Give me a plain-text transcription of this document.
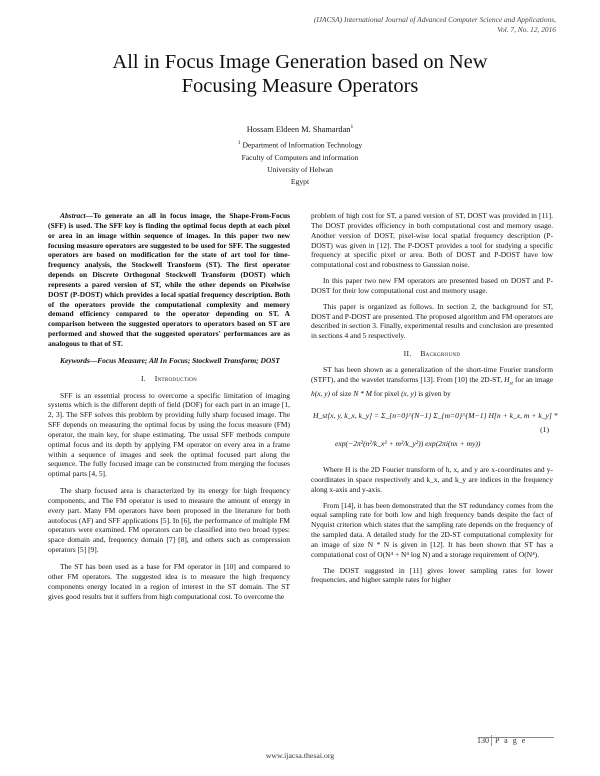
(IJACSA) International Journal of Advanced Computer Science and Applications,
Vol. 7, No. 12, 2016
All in Focus Image Generation based on New
Focusing Measure Operators
Hossam Eldeen M. Shamardan$^1$
$^1$ Department of Information Technology
Faculty of Computers and information
University of Helwan
Egypt

Abstract—To generate an all in focus image, the Shape-From-Focus (SFF) is used. The SFF key is finding the optimal focus depth at each pixel or area in an image within sequence of images. In this paper two new focusing measure operators are suggested to be used for SFF. The suggested operators are based on modification for the state of art tool for time-frequency analysis, the Stockwell Transform (ST). The first operator depends on Discrete Orthogonal Stockwell Transform (DOST) which represents a pared version of ST, while the other depends on Pixelwise DOST (P-DOST) which provides a local spatial frequency description. Both of the operators provide the computational complexity and memory demand efficiency compared to the operator depending on ST. A comparison between the suggested operators to operators based on ST are performed and showed that the suggested operators' performances are as analogous to that of ST.

Keywords—Focus Measure; All In Focus; Stockwell Transform; DOST

I. Introduction

SFF is an essential process to overcome a specific limitation of imaging systems which is the different depth of field (DOF) for each part in an image [1, 2, 3]. The SFF solves this problem by providing fully sharp focused image. The SFF depends on measuring the optimal focus by using the focus measure (FM) operator, the main key, for shape estimating. The usual SFF methods compute optimal focus and its depth by applying FM operator on every area in a frame within a sequence of images and seek the optimal focused part along the sequence. The fully focused image can be constructed from merging the focuses optimal parts [4, 5].

The sharp focused area is characterized by its energy for high frequency components, and The FM operator is used to measure the amount of energy in every part. Many FM operators have been proposed in the literature for both autofocus (AF) and SFF applications [5]. In [6], the performance of multiple FM operators were examined. FM operators can be classified into two broad types: space domain and, frequency domain [7] [8], and others such as compression operators [5] [9].

The ST has been used as a base for FM operator in [10] and compared to other FM operators. The suggested idea is to measure the high frequency components energy located in a region of interest in the ST domain. The ST gives good results but it suffers from high computational cost. To overcome the

problem of high cost for ST, a pared version of ST, DOST was provided in [11]. The DOST provides efficiency in both computational cost and memory usage. Another version of DOST, pixel-wise local spatial frequency description (P-DOST) was given in [12]. The P-DOST provides a tool for studying a specific frequency at specific pixel or area. Both of DOST and P-DOST have low computational cost and robustness to Gaussian noise.

In this paper two new FM operators are presented based on DOST and P-DOST for their low computational cost and memory usage.

This paper is organized as follows. In section 2, the background for ST, DOST and P-DOST are presented. The proposed algorithm and FM operators are described in section 3. Finally, experimental results and conclusion are presented in sections 4 and 5 respectively.

II. Background

ST has been shown as a generalization of the short-time Fourier transform (STFT), and the wavelet transforms [13]. From [10] the 2D-ST, $H_{st}$ for an image h(x, y) of size N * M for pixel (x, y) is given by

H_st[x, y, k_x, k_y] = Σ_{n=0}^{N−1} Σ_{m=0}^{M−1} H[n + k_x, m + k_y] *
exp(−2π²(n²/k_x² + m²/k_y²)) exp(2πi(nx + my))
(1)

Where H is the 2D Fourier transform of h, x, and y are x-coordinates and y-coordinates in space respectively and k_x, and k_y are indices in the frequency along x-axis and y-axis.

From [14], it has been demonstrated that the ST redundancy comes from the equal sampling rate for both low and high frequency bands despite the fact of Nyquist criterion which states that the sampling rate depends on the frequency of the sampled data. A detailed study for the 2D-ST computational complexity for an image of size N * N is given in [12]. It has been shown that ST has a computational cost of O(N⁴ + N⁴ log N) and a storage requirement of O(N⁴).

The DOST suggested in [11] gives lower sampling rates for lower frequencies, and higher sample rates for higher

130 P a g e
www.ijacsa.thesai.org
